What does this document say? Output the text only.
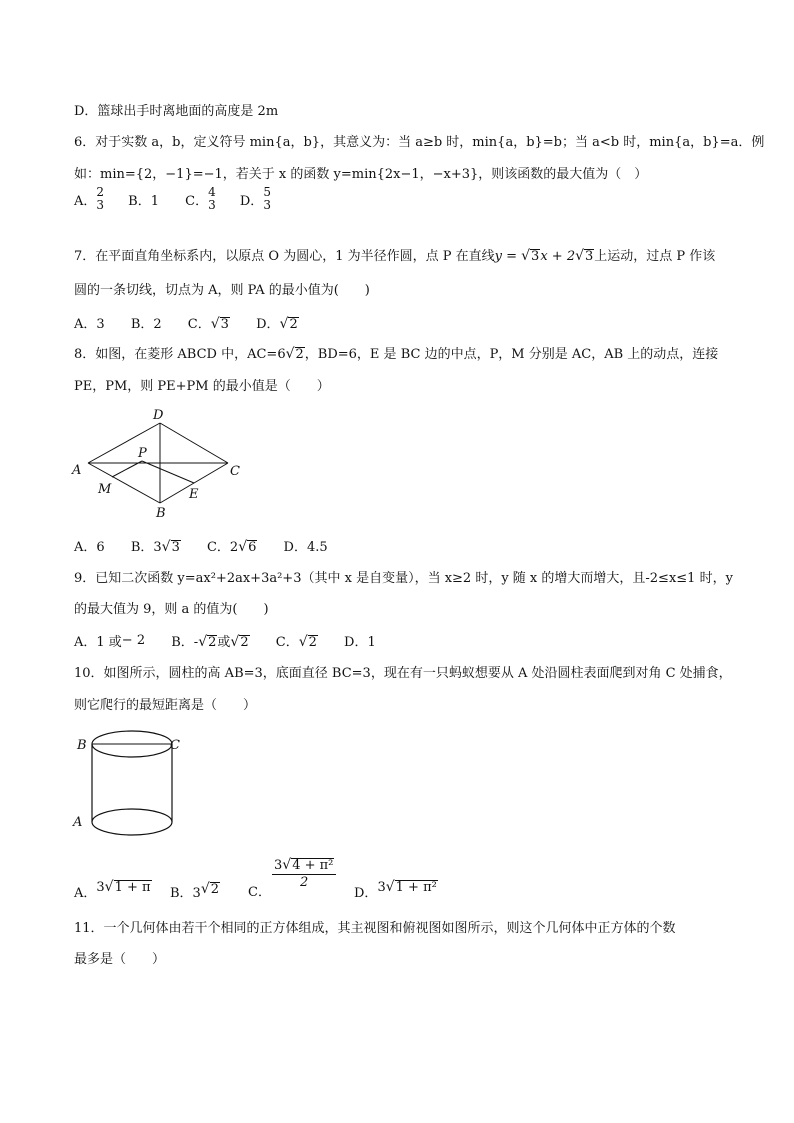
D．篮球出手时离地面的高度是 2m
6．对于实数 a，b，定义符号 min{a，b}，其意义为：当 a≥b 时，min{a，b}=b；当 a<b 时，min{a，b}=a．例
如：min={2，−1}=−1，若关于 x 的函数 y=min{2x−1，−x+3}，则该函数的最大值为（　）
A．
2
3 B．1 C．
4
3 D．
5
3
7．在平面直角坐标系内，以原点 O 为圆心，1 为半径作圆，点 P 在直线y = √3x + 2√3上运动，过点 P 作该
圆的一条切线，切点为 A，则 PA 的最小值为(　　)
A．3 B．2 C．√3 D．√2
8．如图，在菱形 ABCD 中，AC=6√2，BD=6，E 是 BC 边的中点，P，M 分别是 AC，AB 上的动点，连接
PE，PM，则 PE+PM 的最小值是（　　）
D
A
P
C
M	E
B
A．6 B．3√3 C．2√6 D．4.5
9．已知二次函数 y=ax²+2ax+3a²+3（其中 x 是自变量），当 x≥2 时，y 随 x 的增大而增大，且-2≤x≤1 时，y
的最大值为 9，则 a 的值为(　　)
A．1 或− 2 B．-√2或√2 C．√2 D．1
10．如图所示，圆柱的高 AB=3，底面直径 BC=3，现在有一只蚂蚁想要从 A 处沿圆柱表面爬到对角 C 处捕食，
则它爬行的最短距离是（　　）
B	C
A
A．3√1 + π B．3√2 C．
$\frac{\text{3√4 + π²}}{2}$
D．3√1 + π²
11．一个几何体由若干个相同的正方体组成，其主视图和俯视图如图所示，则这个几何体中正方体的个数
最多是（　　）
